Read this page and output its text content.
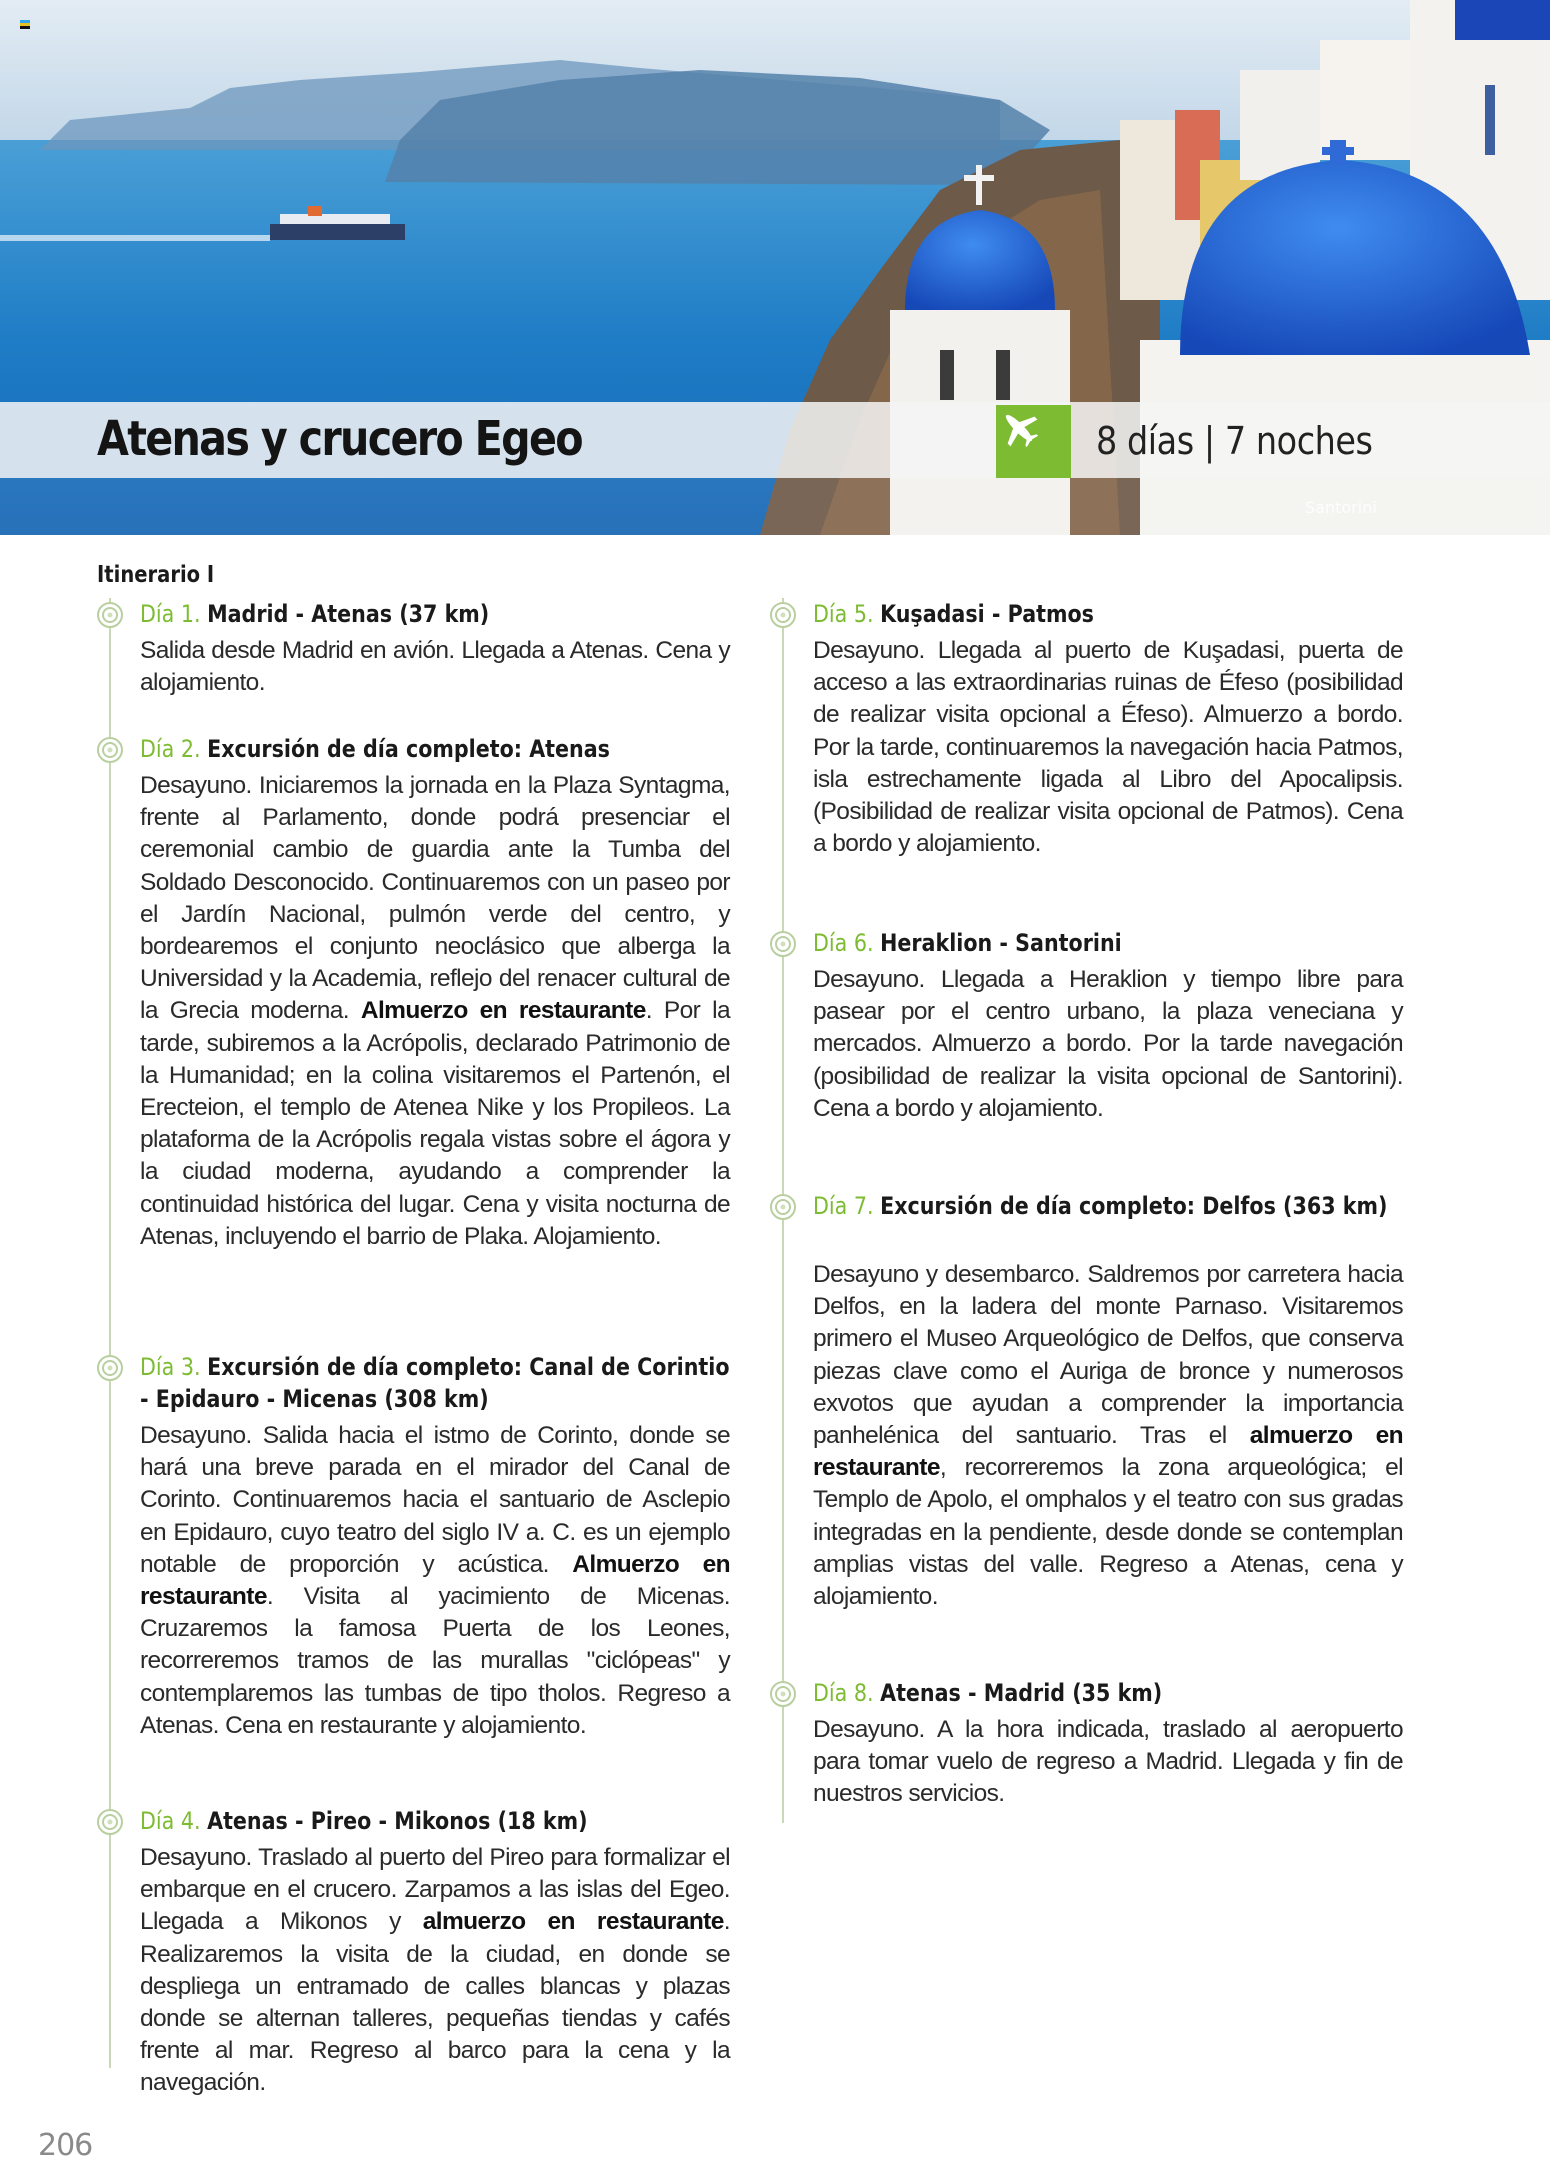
Atenas y crucero Egeo	8 días | 7 noches
Santorini
Itinerario I
Día 1. Madrid - Atenas (37 km)
Salida desde Madrid en avión. Llegada a Atenas. Cena y alojamiento.
Día 2. Excursión de día completo: Atenas
Desayuno. Iniciaremos la jornada en la Plaza Syntagma, frente al Parlamento, donde podrá presenciar el ceremonial cambio de guardia ante la Tumba del Soldado Desconocido. Continuaremos con un paseo por el Jardín Nacional, pulmón verde del centro, y bordearemos el conjunto neoclásico que alberga la Universidad y la Academia, reflejo del renacer cultural de la Grecia moderna. Almuerzo en restaurante. Por la tarde, subiremos a la Acrópolis, declarado Patrimonio de la Humanidad; en la colina visitaremos el Partenón, el Erecteion, el templo de Atenea Nike y los Propileos. La plataforma de la Acrópolis regala vistas sobre el ágora y la ciudad moderna, ayudando a comprender la continuidad histórica del lugar. Cena y visita nocturna de Atenas, incluyendo el barrio de Plaka. Alojamiento.
Día 3. Excursión de día completo: Canal de Corintio - Epidauro - Micenas (308 km)
Desayuno. Salida hacia el istmo de Corinto, donde se hará una breve parada en el mirador del Canal de Corinto. Continuaremos hacia el santuario de Asclepio en Epidauro, cuyo teatro del siglo IV a. C. es un ejemplo notable de proporción y acústica. Almuerzo en restaurante. Visita al yacimiento de Micenas. Cruzaremos la famosa Puerta de los Leones, recorreremos tramos de las murallas "ciclópeas" y contemplaremos las tumbas de tipo tholos. Regreso a Atenas. Cena en restaurante y alojamiento.
Día 4. Atenas - Pireo - Mikonos (18 km)
Desayuno. Traslado al puerto del Pireo para formalizar el embarque en el crucero. Zarpamos a las islas del Egeo. Llegada a Mikonos y almuerzo en restaurante. Realizaremos la visita de la ciudad, en donde se despliega un entramado de calles blancas y plazas donde se alternan talleres, pequeñas tiendas y cafés frente al mar. Regreso al barco para la cena y la navegación.
Día 5. Kuşadasi - Patmos
Desayuno. Llegada al puerto de Kuşadasi, puerta de acceso a las extraordinarias ruinas de Éfeso (posibilidad de realizar visita opcional a Éfeso). Almuerzo a bordo. Por la tarde, continuaremos la navegación hacia Patmos, isla estrechamente ligada al Libro del Apocalipsis. (Posibilidad de realizar visita opcional de Patmos). Cena a bordo y alojamiento.
Día 6. Heraklion - Santorini
Desayuno. Llegada a Heraklion y tiempo libre para pasear por el centro urbano, la plaza veneciana y mercados. Almuerzo a bordo. Por la tarde navegación (posibilidad de realizar la visita opcional de Santorini). Cena a bordo y alojamiento.
Día 7. Excursión de día completo: Delfos (363 km)
Desayuno y desembarco. Saldremos por carretera hacia Delfos, en la ladera del monte Parnaso. Visitaremos primero el Museo Arqueológico de Delfos, que conserva piezas clave como el Auriga de bronce y numerosos exvotos que ayudan a comprender la importancia panhelénica del santuario. Tras el almuerzo en restaurante, recorreremos la zona arqueológica; el Templo de Apolo, el omphalos y el teatro con sus gradas integradas en la pendiente, desde donde se contemplan amplias vistas del valle. Regreso a Atenas, cena y alojamiento.
Día 8. Atenas - Madrid (35 km)
Desayuno. A la hora indicada, traslado al aeropuerto para tomar vuelo de regreso a Madrid. Llegada y fin de nuestros servicios.
206
